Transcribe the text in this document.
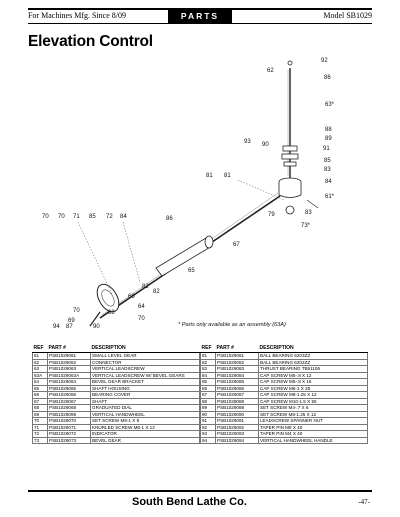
For Machines Mfg. Since 8/09	PARTS	Model SB1029
Elevation Control
92
62
86
63*
88
89
91
93 90
85
83
84
61*
81 81
79	83
73*
70 70 71 85 72 84	86
67
82
66
65
82
68
64
69
94 87	90
70
70
* Parts only available as an assembly (63A)
REF	PART #	DESCRIPTION
61	PSB1029061	SMALL LEVEL GEAR
62	PSB1029062	CONNECTOR
63	PSB1029063	VERTICAL LEADSCREW
63A	PSB1029063A	VERTICAL LEADSCREW W/ BEVEL GEARS
64	PSB1029064	BEVEL GEAR BRACKET
65	PSB1029065	SHAFT HOUSING
66	PSB1029066	BEARING COVER
67	PSB1029067	SHAFT
68	PSB1029068	GRADUATED DIAL
69	PSB1029069	VERTICAL HANDWHEEL
70	PSB1029070	SET SCREW M6-1 X 8
71	PSB1029071	KNURLED SCREW M6-1 X 12
72	PSB1029072	INDICATOR
73	PSB1029073	BEVEL GEAR
REF	PART #	DESCRIPTION
81	PSB1029081	BALL BEARING 6203ZZ
82	PSB1029082	BALL BEARING 6202ZZ
83	PSB1029083	THRUST BEARING TB51106
84	PSB1029084	CAP SCREW M5-.8 X 12
85	PSB1029085	CAP SCREW M5-.8 X 16
86	PSB1029086	CAP SCREW M6-1 X 25
87	PSB1029087	CAP SCREW M8-1.25 X 12
88	PSB1029088	CAP SCREW M10-1.5 X 55
89	PSB1029089	SET SCREW M4-.7 X 6
90	PSB1029090	SET SCREW M8-1.25 X 12
91	PSB1029091	LEADSCREW SPANNER NUT
92	PSB1029092	TAPER PIN M8 X 40
93	PSB1029093	TAPER PIN M4 X 40
94	PSB1029094	VERTICAL HANDWHEEL HANDLE
South Bend Lathe Co.	-47-
